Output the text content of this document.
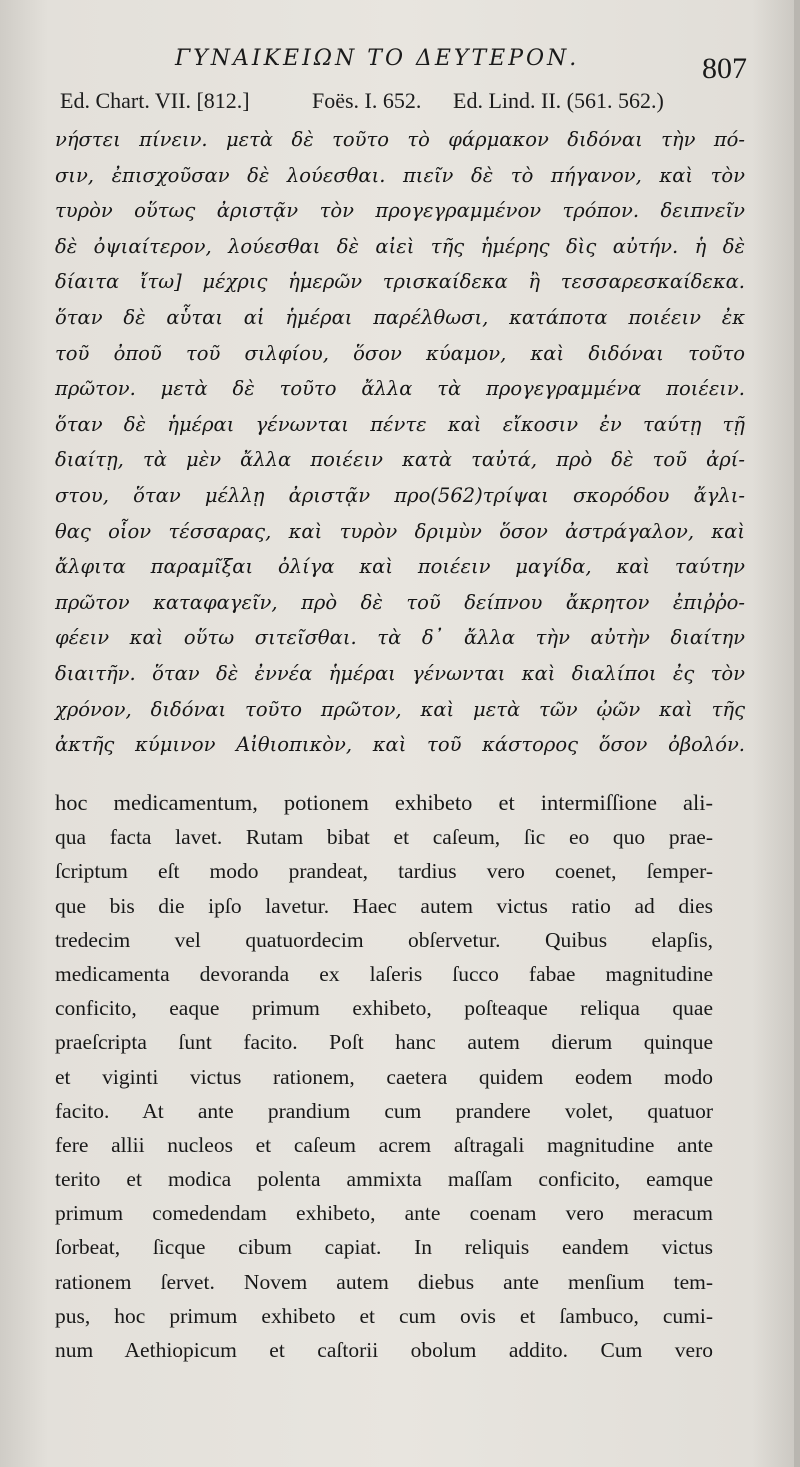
ΓΥΝΑΙΚΕΙΩΝ ΤΟ ΔΕΥΤΕΡΟΝ.	807
Ed. Chart. VII. [812.]	Foës. I. 652. Ed. Lind. II. (561. 562.)
νήστει πίνειν. μετὰ δὲ τοῦτο τὸ φάρμακον διδόναι τὴν πό-
σιν, ἐπισχοῦσαν δὲ λούεσθαι. πιεῖν δὲ τὸ πήγανον, καὶ τὸν
τυρὸν οὕτως ἀριστᾷν τὸν προγεγραμμένον τρόπον. δειπνεῖν
δὲ ὀψιαίτερον, λούεσθαι δὲ αἰεὶ τῆς ἡμέρης δὶς αὐτήν. ἡ δὲ
δίαιτα ἴτω] μέχρις ἡμερῶν τρισκαίδεκα ἢ τεσσαρεσκαίδεκα.
ὅταν δὲ αὗται αἱ ἡμέραι παρέλθωσι, κατάποτα ποιέειν ἐκ
τοῦ ὀποῦ τοῦ σιλφίου, ὅσον κύαμον, καὶ διδόναι τοῦτο
πρῶτον. μετὰ δὲ τοῦτο ἄλλα τὰ προγεγραμμένα ποιέειν.
ὅταν δὲ ἡμέραι γένωνται πέντε καὶ εἴκοσιν ἐν ταύτῃ τῇ
διαίτῃ, τὰ μὲν ἄλλα ποιέειν κατὰ ταὐτά, πρὸ δὲ τοῦ ἀρί-
στου, ὅταν μέλλῃ ἀριστᾷν προ(562)τρίψαι σκορόδου ἄγλι-
θας οἷον τέσσαρας, καὶ τυρὸν δριμὺν ὅσον ἀστράγαλον, καὶ
ἄλφιτα παραμῖξαι ὀλίγα καὶ ποιέειν μαγίδα, καὶ ταύτην
πρῶτον καταφαγεῖν, πρὸ δὲ τοῦ δείπνου ἄκρητον ἐπιῤῥο-
φέειν καὶ οὕτω σιτεῖσθαι. τὰ δ᾽ ἄλλα τὴν αὐτὴν διαίτην
διαιτῆν. ὅταν δὲ ἐννέα ἡμέραι γένωνται καὶ διαλίποι ἐς τὸν
χρόνον, διδόναι τοῦτο πρῶτον, καὶ μετὰ τῶν ᾠῶν καὶ τῆς
ἀκτῆς κύμινον Αἰθιοπικὸν, καὶ τοῦ κάστορος ὅσον ὀβολόν.
hoc medicamentum, potionem exhibeto et intermiſſione ali-
qua facta lavet. Rutam bibat et caſeum, ſic eo quo prae-
ſcriptum eſt modo prandeat, tardius vero coenet, ſemper-
que bis die ipſo lavetur. Haec autem victus ratio ad dies
tredecim vel quatuordecim obſervetur. Quibus elapſis,
medicamenta devoranda ex laſeris ſucco fabae magnitudine
conficito, eaque primum exhibeto, poſteaque reliqua quae
praeſcripta ſunt facito. Poſt hanc autem dierum quinque
et viginti victus rationem, caetera quidem eodem modo
facito. At ante prandium cum prandere volet, quatuor
fere allii nucleos et caſeum acrem aſtragali magnitudine ante
terito et modica polenta ammixta maſſam conficito, eamque
primum comedendam exhibeto, ante coenam vero meracum
ſorbeat, ſicque cibum capiat. In reliquis eandem victus
rationem ſervet. Novem autem diebus ante menſium tem-
pus, hoc primum exhibeto et cum ovis et ſambuco, cumi-
num Aethiopicum et caſtorii obolum addito. Cum vero
